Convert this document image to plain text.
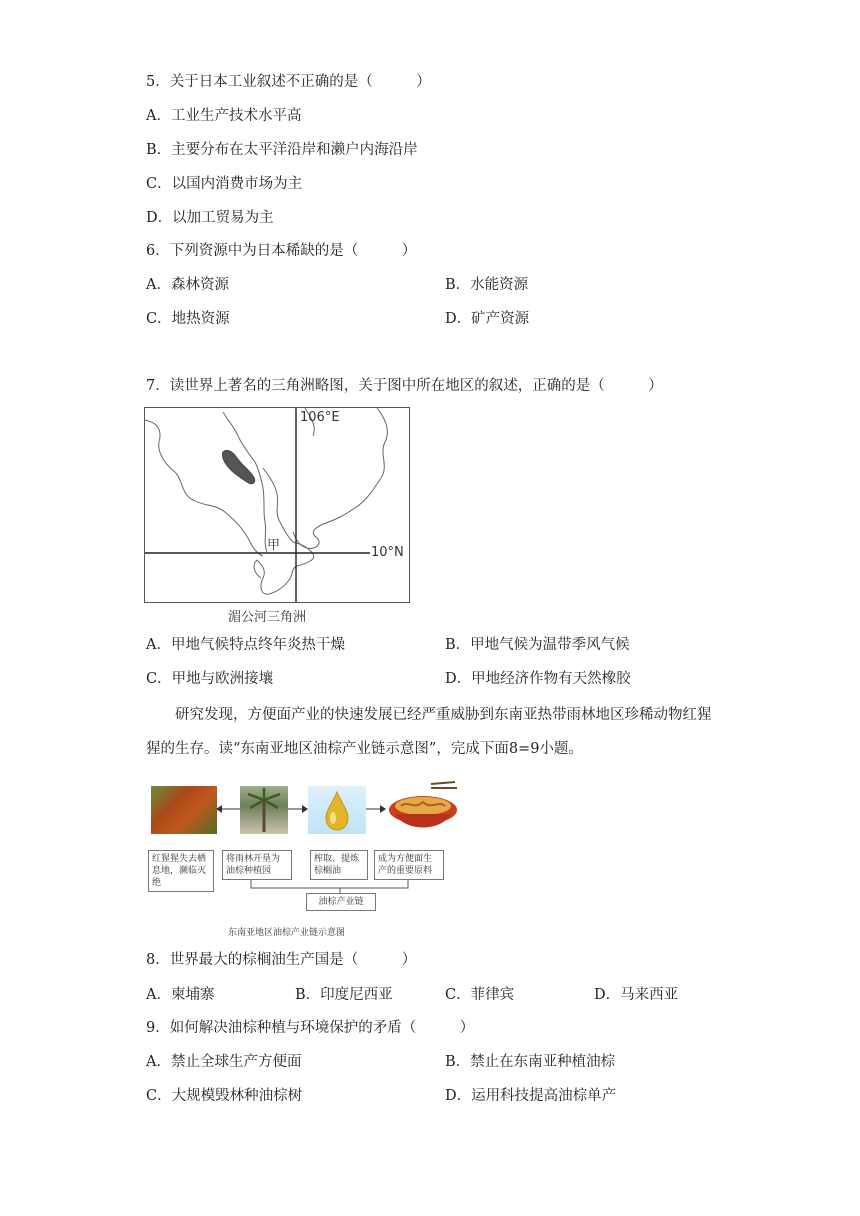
5．关于日本工业叙述不正确的是（　　　）
A．工业生产技术水平高
B．主要分布在太平洋沿岸和濑户内海沿岸
C．以国内消费市场为主
D．以加工贸易为主
6．下列资源中为日本稀缺的是（　　　）
A．森林资源	B．水能资源
C．地热资源	D．矿产资源
7．读世界上著名的三角洲略图，关于图中所在地区的叙述，正确的是（　　　）
106°E
10°N
甲
湄公河三角洲
A．甲地气候特点终年炎热干燥	B．甲地气候为温带季风气候
C．甲地与欧洲接壤	D．甲地经济作物有天然橡胶
研究发现，方便面产业的快速发展已经严重威胁到东南亚热带雨林地区珍稀动物红猩猩的生存。读“东南亚地区油棕产业链示意图”，完成下面8=9小题。
红猩猩失去栖息地，濒临灭绝
将雨林开垦为油棕种植园
榨取、提炼棕榈油
成为方便面生产的重要原料
油棕产业链
东南亚地区油棕产业链示意图
8．世界最大的棕榈油生产国是（　　　）
A．柬埔寨	B．印度尼西亚	C．菲律宾	D．马来西亚
9．如何解决油棕种植与环境保护的矛盾（　　　）
A．禁止全球生产方便面	B．禁止在东南亚种植油棕
C．大规模毁林种油棕树	D．运用科技提高油棕单产
